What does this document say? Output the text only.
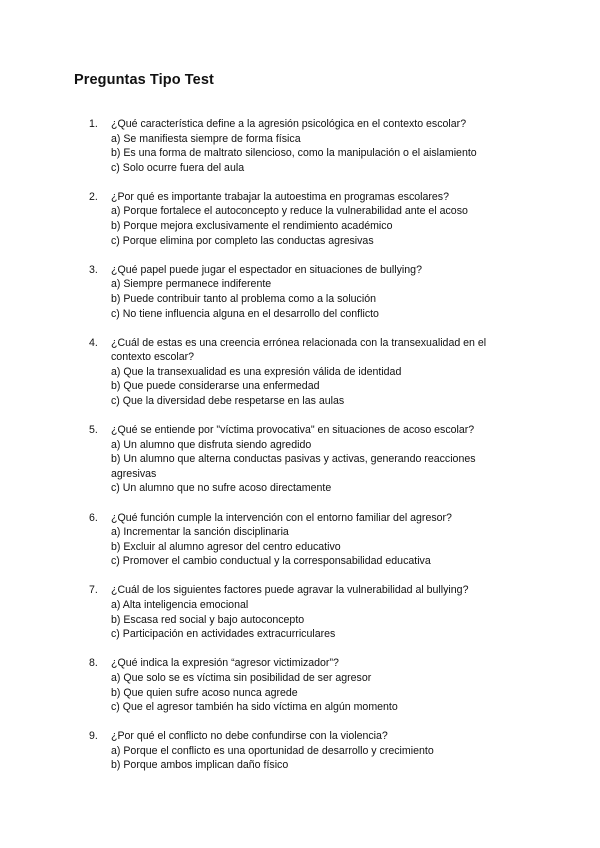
Preguntas Tipo Test
1. ¿Qué característica define a la agresión psicológica en el contexto escolar?

a) Se manifiesta siempre de forma física
b) Es una forma de maltrato silencioso, como la manipulación o el aislamiento
c) Solo ocurre fuera del aula
2. ¿Por qué es importante trabajar la autoestima en programas escolares?

a) Porque fortalece el autoconcepto y reduce la vulnerabilidad ante el acoso
b) Porque mejora exclusivamente el rendimiento académico
c) Porque elimina por completo las conductas agresivas
3. ¿Qué papel puede jugar el espectador en situaciones de bullying?

a) Siempre permanece indiferente
b) Puede contribuir tanto al problema como a la solución
c) No tiene influencia alguna en el desarrollo del conflicto
4. ¿Cuál de estas es una creencia errónea relacionada con la transexualidad en el contexto escolar?

a) Que la transexualidad es una expresión válida de identidad
b) Que puede considerarse una enfermedad
c) Que la diversidad debe respetarse en las aulas
5. ¿Qué se entiende por "víctima provocativa" en situaciones de acoso escolar?

a) Un alumno que disfruta siendo agredido
b) Un alumno que alterna conductas pasivas y activas, generando reacciones agresivas
c) Un alumno que no sufre acoso directamente
6. ¿Qué función cumple la intervención con el entorno familiar del agresor?

a) Incrementar la sanción disciplinaria
b) Excluir al alumno agresor del centro educativo
c) Promover el cambio conductual y la corresponsabilidad educativa
7. ¿Cuál de los siguientes factores puede agravar la vulnerabilidad al bullying?

a) Alta inteligencia emocional
b) Escasa red social y bajo autoconcepto
c) Participación en actividades extracurriculares
8. ¿Qué indica la expresión “agresor victimizador”?

a) Que solo se es víctima sin posibilidad de ser agresor
b) Que quien sufre acoso nunca agrede
c) Que el agresor también ha sido víctima en algún momento
9. ¿Por qué el conflicto no debe confundirse con la violencia?

a) Porque el conflicto es una oportunidad de desarrollo y crecimiento
b) Porque ambos implican daño físico
